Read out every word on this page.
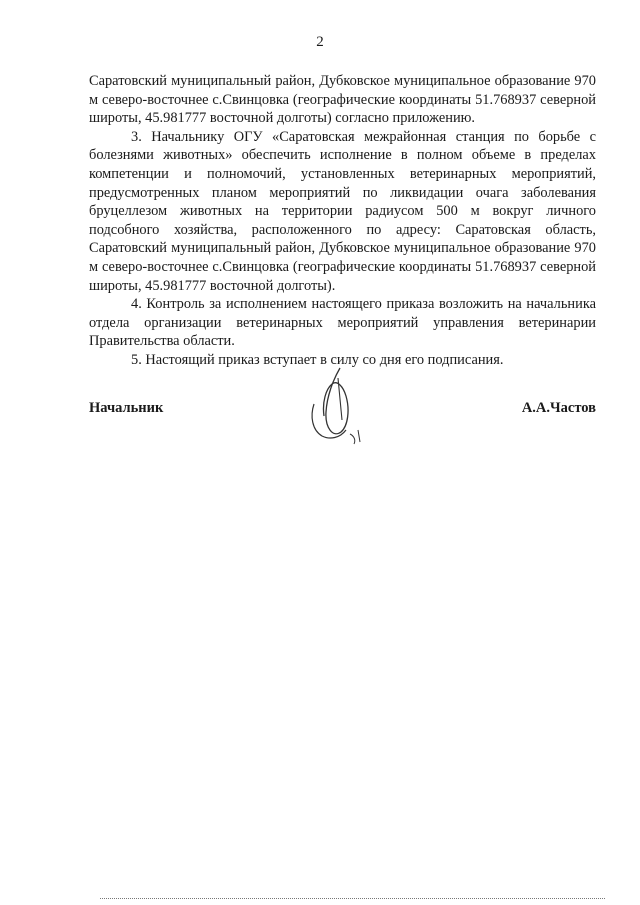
2

Саратовский муниципальный район, Дубковское муниципальное образование 970 м северо-восточнее с.Свинцовка (географические координаты 51.768937 северной широты, 45.981777 восточной долготы) согласно приложению.

3. Начальнику ОГУ «Саратовская межрайонная станция по борьбе с болезнями животных» обеспечить исполнение в полном объеме в пределах компетенции и полномочий, установленных ветеринарных мероприятий, предусмотренных планом мероприятий по ликвидации очага заболевания бруцеллезом животных на территории радиусом 500 м вокруг личного подсобного хозяйства, расположенного по адресу: Саратовская область, Саратовский муниципальный район, Дубковское муниципальное образование 970 м северо-восточнее с.Свинцовка (географические координаты 51.768937 северной широты, 45.981777 восточной долготы).

4. Контроль за исполнением настоящего приказа возложить на начальника отдела организации ветеринарных мероприятий управления ветеринарии Правительства области.

5. Настоящий приказ вступает в силу со дня его подписания.

Начальник	А.А.Частов
